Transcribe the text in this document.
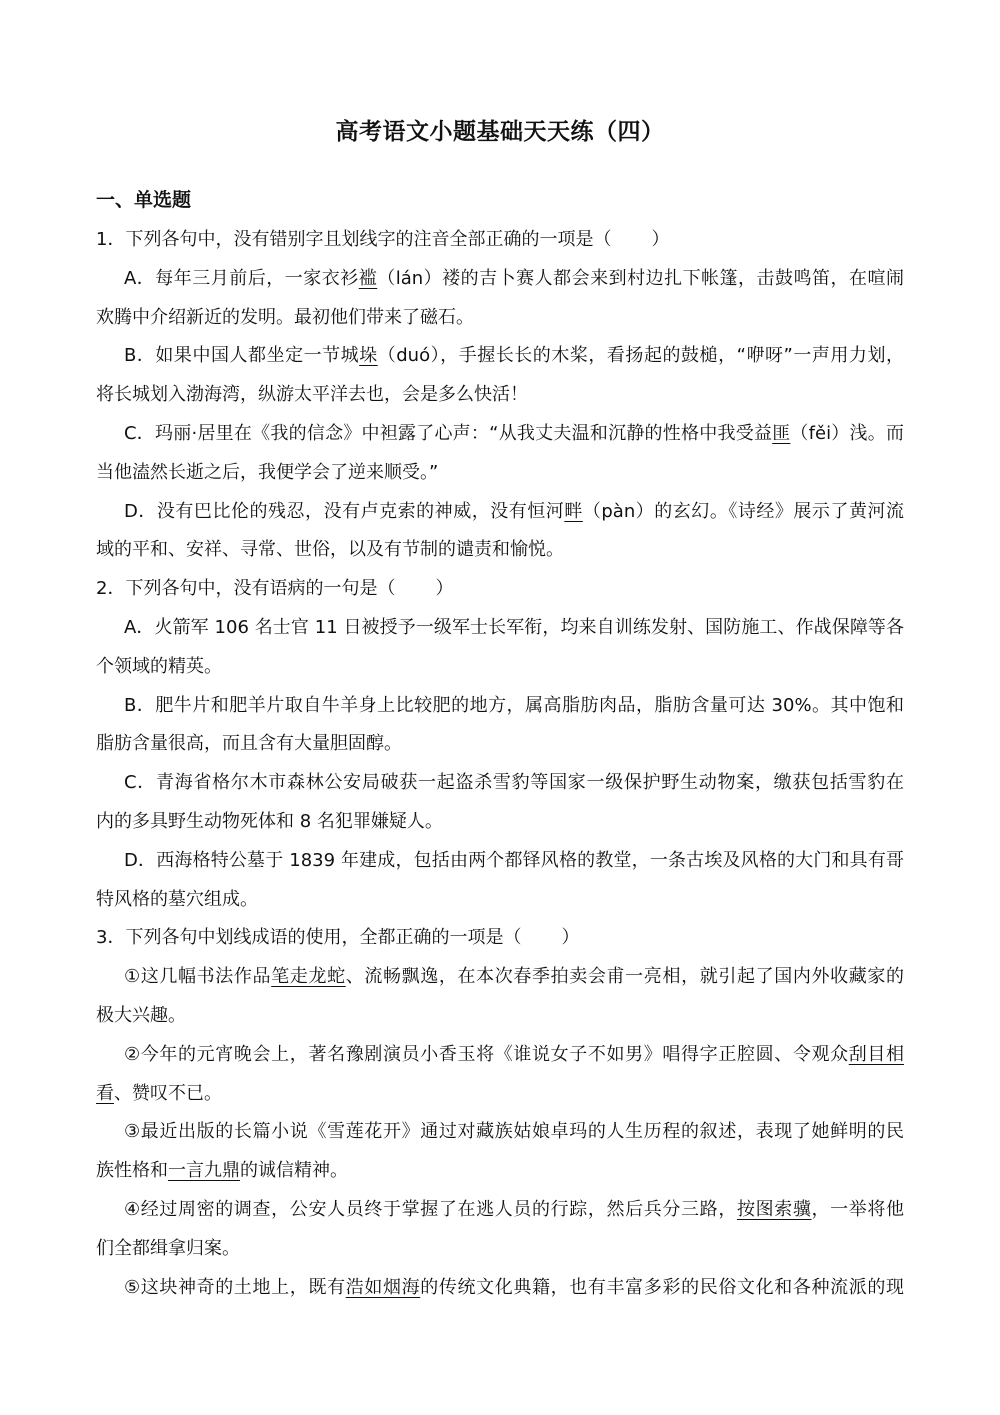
高考语文小题基础天天练（四）
一、单选题
1．下列各句中，没有错别字且划线字的注音全部正确的一项是（ ）
A．每年三月前后，一家衣衫褴（lán）褛的吉卜赛人都会来到村边扎下帐篷，击鼓鸣笛，在喧闹
欢腾中介绍新近的发明。最初他们带来了磁石。
B．如果中国人都坐定一节城垛（duó），手握长长的木桨，看扬起的鼓槌，“咿呀”一声用力划，
将长城划入渤海湾，纵游太平洋去也，会是多么快活！
C．玛丽·居里在《我的信念》中袒露了心声：“从我丈夫温和沉静的性格中我受益匪（fěi）浅。而
当他溘然长逝之后，我便学会了逆来顺受。”
D．没有巴比伦的残忍，没有卢克索的神威，没有恒河畔（pàn）的玄幻。《诗经》展示了黄河流
域的平和、安祥、寻常、世俗，以及有节制的谴责和愉悦。
2．下列各句中，没有语病的一句是（ ）
A．火箭军 106 名士官 11 日被授予一级军士长军衔，均来自训练发射、国防施工、作战保障等各
个领域的精英。
B．肥牛片和肥羊片取自牛羊身上比较肥的地方，属高脂肪肉品，脂肪含量可达 30%。其中饱和
脂肪含量很高，而且含有大量胆固醇。
C．青海省格尔木市森林公安局破获一起盗杀雪豹等国家一级保护野生动物案，缴获包括雪豹在
内的多具野生动物死体和 8 名犯罪嫌疑人。
D．西海格特公墓于 1839 年建成，包括由两个都铎风格的教堂，一条古埃及风格的大门和具有哥
特风格的墓穴组成。
3．下列各句中划线成语的使用，全都正确的一项是（ ）
①这几幅书法作品笔走龙蛇、流畅飘逸，在本次春季拍卖会甫一亮相，就引起了国内外收藏家的
极大兴趣。
②今年的元宵晚会上，著名豫剧演员小香玉将《谁说女子不如男》唱得字正腔圆、令观众刮目相
看、赞叹不已。
③最近出版的长篇小说《雪莲花开》通过对藏族姑娘卓玛的人生历程的叙述，表现了她鲜明的民
族性格和一言九鼎的诚信精神。
④经过周密的调查，公安人员终于掌握了在逃人员的行踪，然后兵分三路，按图索骥，一举将他
们全都缉拿归案。
⑤这块神奇的土地上，既有浩如烟海的传统文化典籍，也有丰富多彩的民俗文化和各种流派的现
